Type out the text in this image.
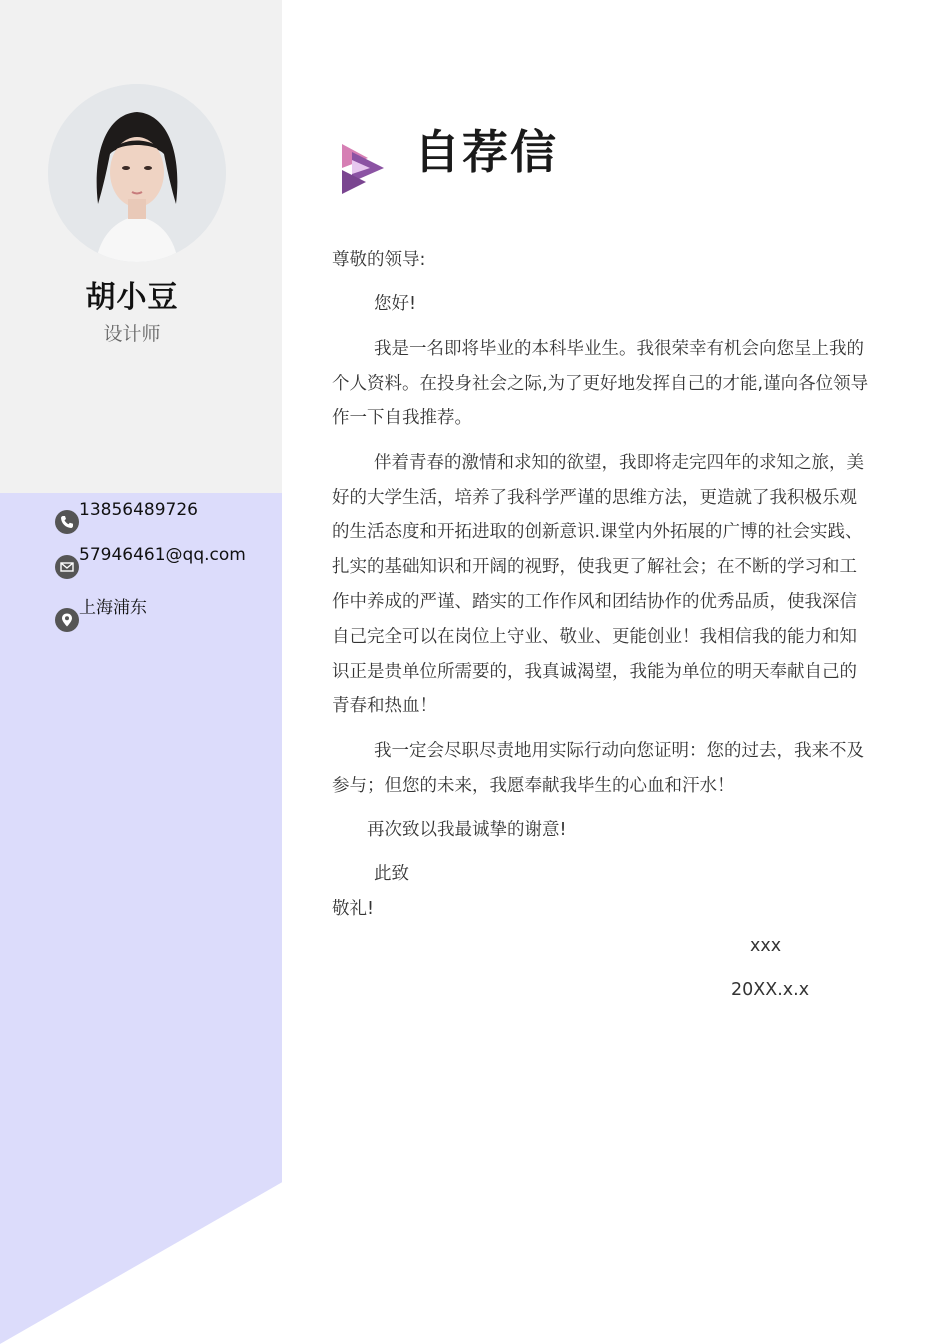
胡小豆
设计师
13856489726
57946461@qq.com
上海浦东
自荐信

尊敬的领导:

您好!

我是一名即将毕业的本科毕业生。我很荣幸有机会向您呈上我的个人资料。在投身社会之际,为了更好地发挥自己的才能,谨向各位领导作一下自我推荐。

伴着青春的激情和求知的欲望，我即将走完四年的求知之旅，美好的大学生活，培养了我科学严谨的思维方法，更造就了我积极乐观的生活态度和开拓进取的创新意识.课堂内外拓展的广博的社会实践、扎实的基础知识和开阔的视野，使我更了解社会；在不断的学习和工作中养成的严谨、踏实的工作作风和团结协作的优秀品质，使我深信自己完全可以在岗位上守业、敬业、更能创业！我相信我的能力和知识正是贵单位所需要的，我真诚渴望，我能为单位的明天奉献自己的青春和热血！

我一定会尽职尽责地用实际行动向您证明：您的过去，我来不及参与；但您的未来，我愿奉献我毕生的心血和汗水！

再次致以我最诚挚的谢意!

此致

敬礼!

xxx
20XX.x.x
